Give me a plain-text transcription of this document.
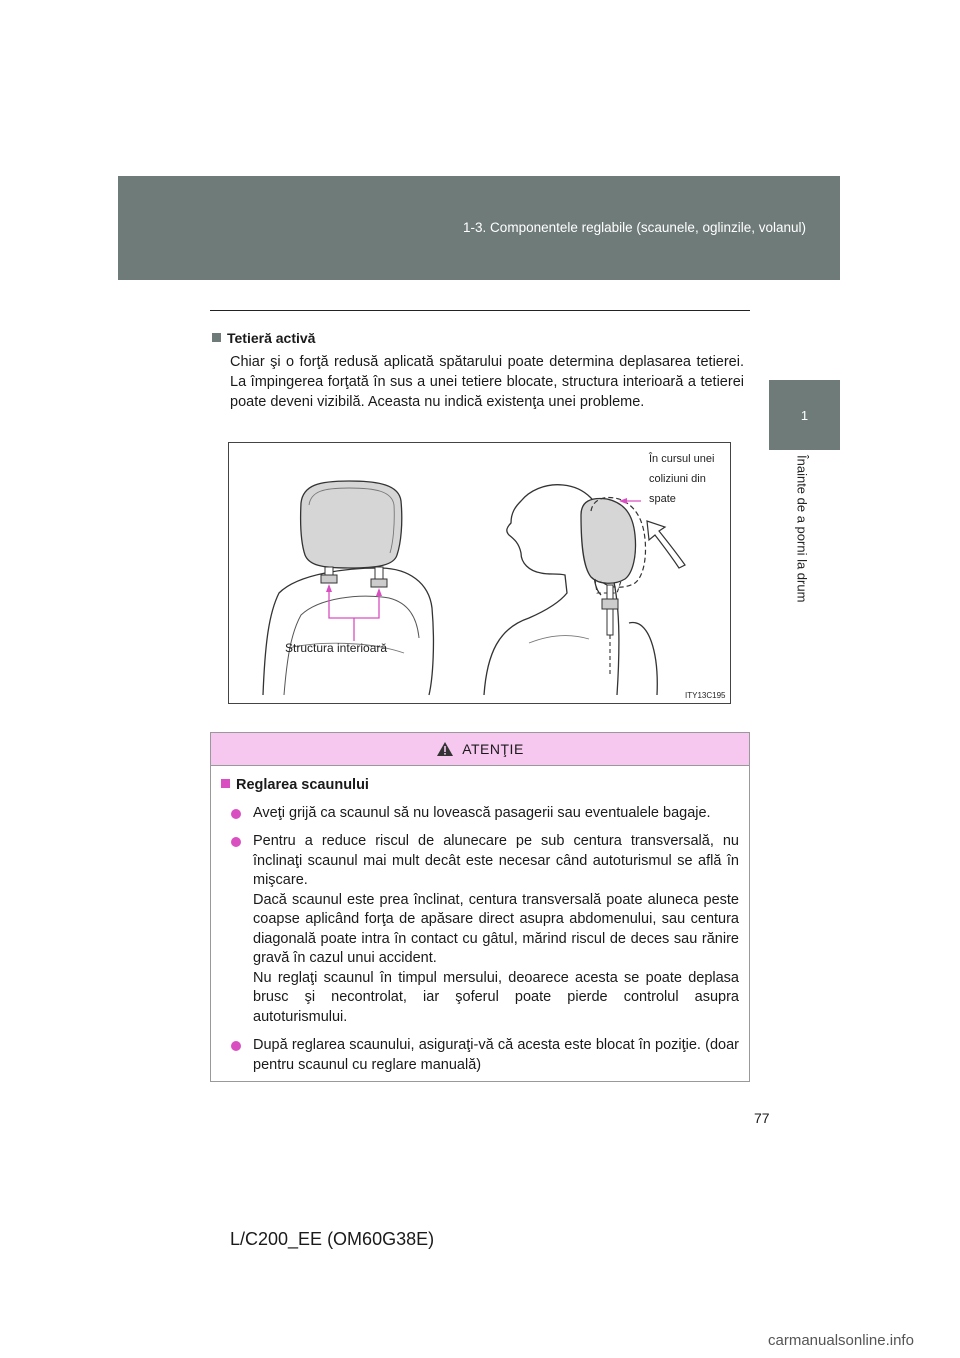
1-3. Componentele reglabile (scaunele, oglinzile, volanul)
1
Înainte de a porni la drum
Tetieră activă
Chiar şi o forţă redusă aplicată spătarului poate determina deplasarea tetierei. La împingerea forţată în sus a unei tetiere blocate, structura interioară a tetierei poate deveni vizibilă. Aceasta nu indică existenţa unei probleme.
Structura interioară
În cursul unei
coliziuni din
spate
ITY13C195
ATENŢIE
Reglarea scaunului

Aveţi grijă ca scaunul să nu lovească pasagerii sau eventualele bagaje.

Pentru a reduce riscul de alunecare pe sub centura transversală, nu înclinaţi scaunul mai mult decât este necesar când autoturismul se află în mişcare.

Dacă scaunul este prea înclinat, centura transversală poate aluneca peste coapse aplicând forţa de apăsare direct asupra abdomenului, sau centura diagonală poate intra în contact cu gâtul, mărind riscul de deces sau rănire gravă în cazul unui accident.

Nu reglaţi scaunul în timpul mersului, deoarece acesta se poate deplasa brusc şi necontrolat, iar şoferul poate pierde controlul asupra autoturismului.

După reglarea scaunului, asiguraţi-vă că acesta este blocat în poziţie. (doar pentru scaunul cu reglare manuală)

77
L/C200_EE (OM60G38E)
carmanualsonline.info
